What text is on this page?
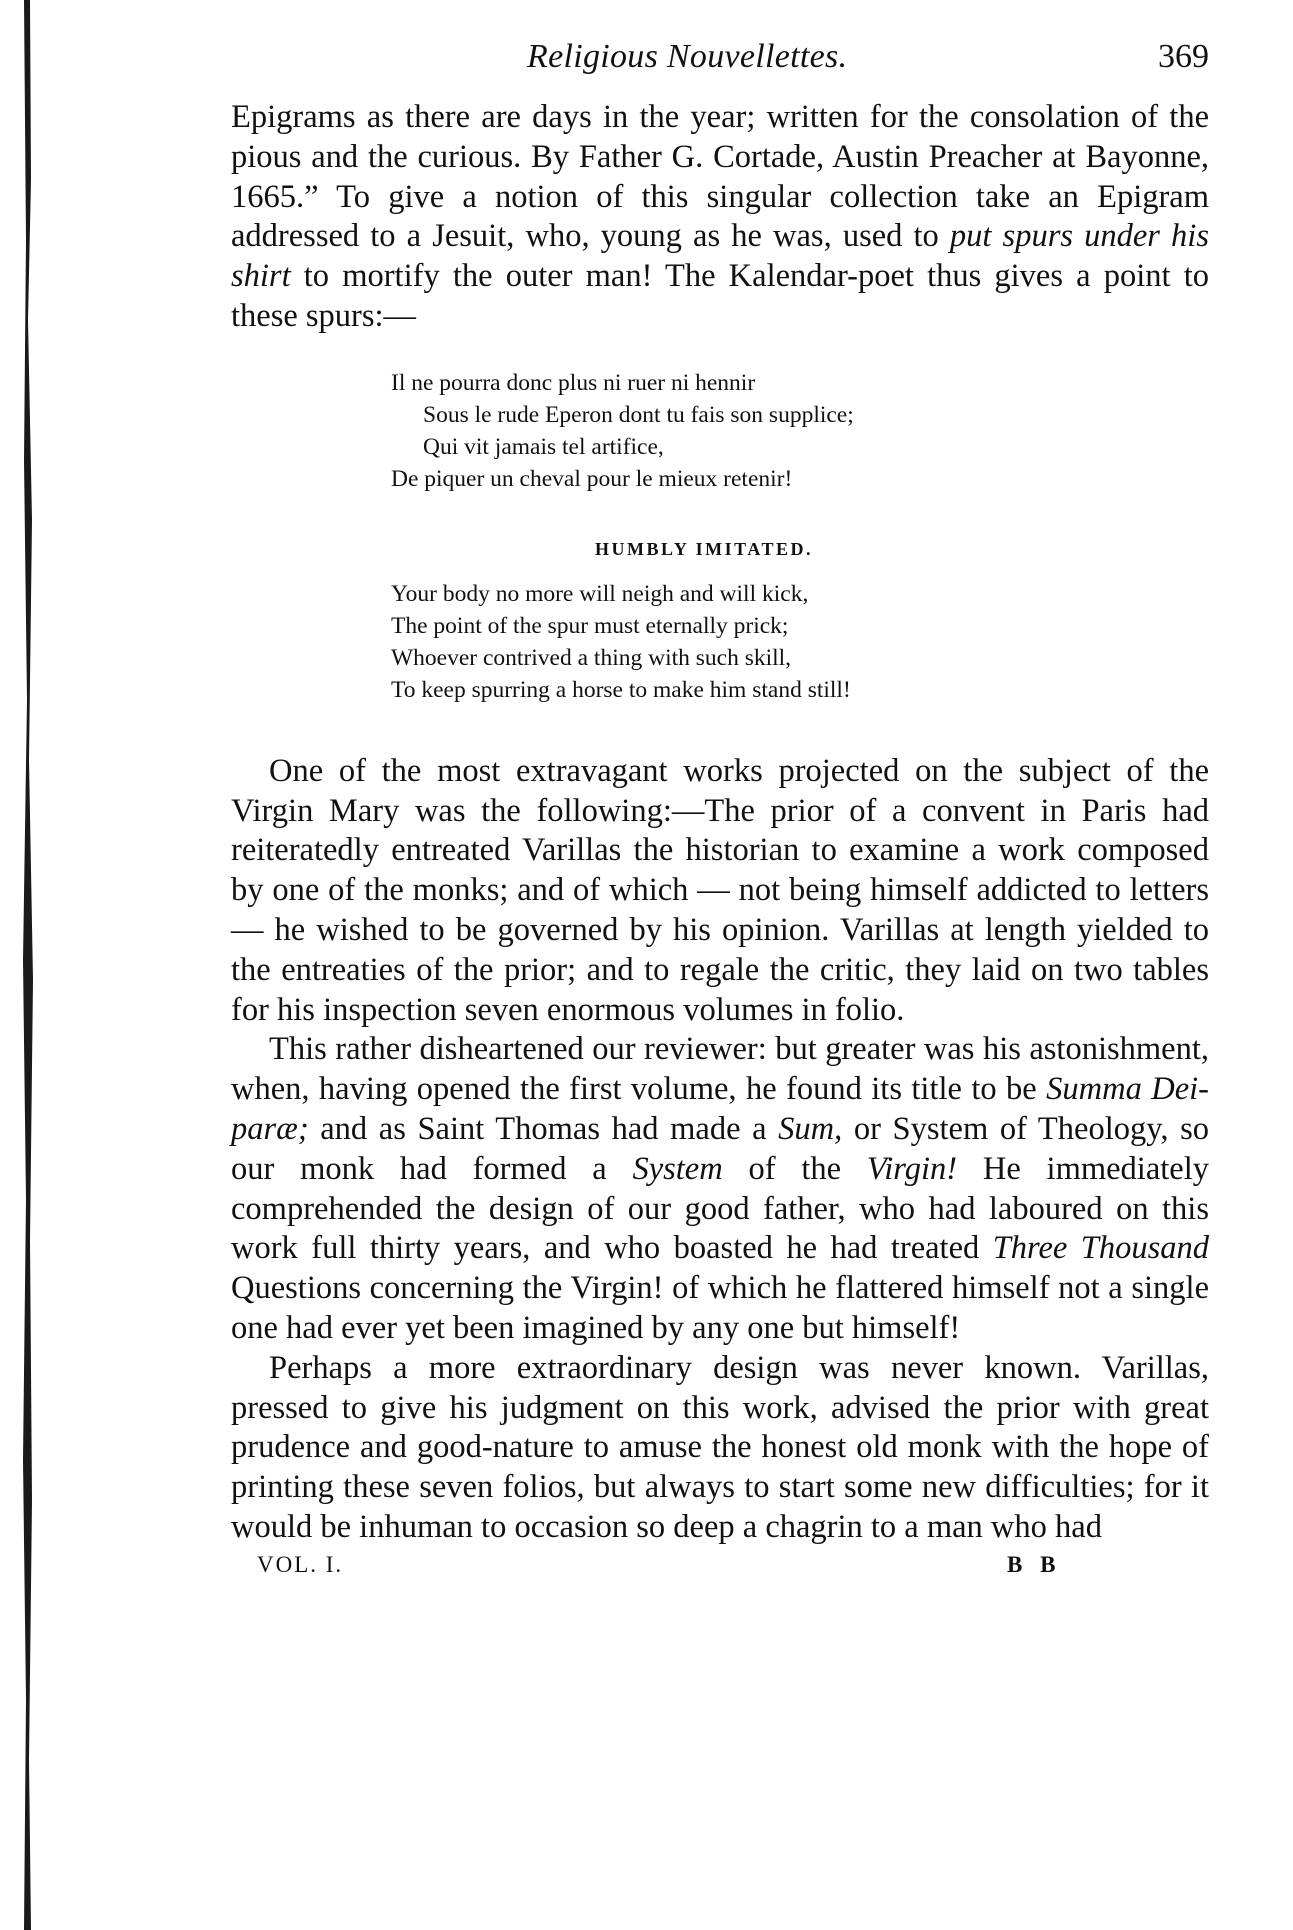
Religious Nouvellettes.	369

Epigrams as there are days in the year; written for the consolation of the pious and the curious. By Father G. Cortade, Austin Preacher at Bayonne, 1665.” To give a notion of this singular collection take an Epigram addressed to a Jesuit, who, young as he was, used to put spurs under his shirt to mortify the outer man! The Kalendar-poet thus gives a point to these spurs:—

Il ne pourra donc plus ni ruer ni hennir
Sous le rude Eperon dont tu fais son supplice;
Qui vit jamais tel artifice,
De piquer un cheval pour le mieux retenir!
HUMBLY IMITATED.
Your body no more will neigh and will kick,
The point of the spur must eternally prick;
Whoever contrived a thing with such skill,
To keep spurring a horse to make him stand still!

One of the most extravagant works projected on the subject of the Virgin Mary was the following:—The prior of a convent in Paris had reiteratedly entreated Varillas the historian to examine a work composed by one of the monks; and of which — not being himself addicted to letters — he wished to be governed by his opinion. Varillas at length yielded to the entreaties of the prior; and to regale the critic, they laid on two tables for his inspection seven enormous volumes in folio.

This rather disheartened our reviewer: but greater was his astonishment, when, having opened the first volume, he found its title to be Summa Dei-paræ; and as Saint Thomas had made a Sum, or System of Theology, so our monk had formed a System of the Virgin! He immediately comprehended the design of our good father, who had laboured on this work full thirty years, and who boasted he had treated Three Thousand Questions concerning the Virgin! of which he flattered himself not a single one had ever yet been imagined by any one but himself!

Perhaps a more extraordinary design was never known. Varillas, pressed to give his judgment on this work, advised the prior with great prudence and good-nature to amuse the honest old monk with the hope of printing these seven folios, but always to start some new difficulties; for it would be inhuman to occasion so deep a chagrin to a man who had

VOL. I.	B B
